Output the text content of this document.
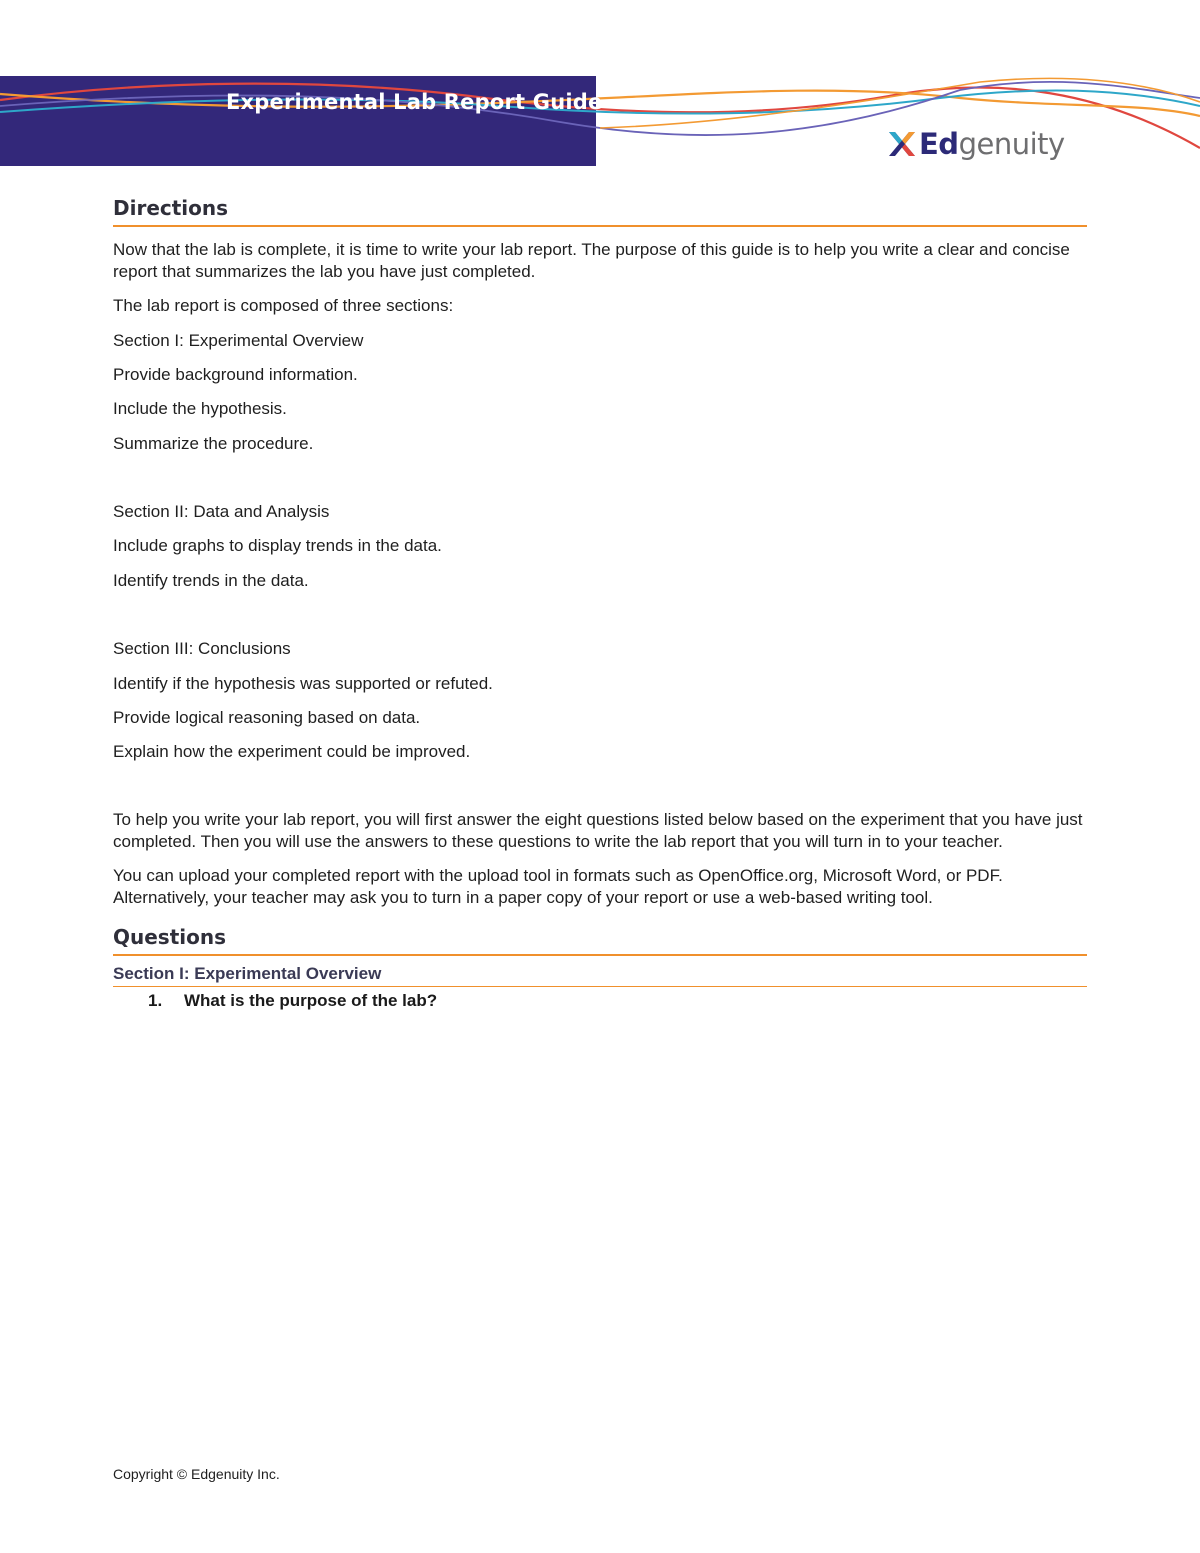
Experimental Lab Report Guide
Edgenuity
Directions

Now that the lab is complete, it is time to write your lab report. The purpose of this guide is to help you write a clear and concise report that summarizes the lab you have just completed.

The lab report is composed of three sections:

Section I: Experimental Overview

Provide background information.

Include the hypothesis.

Summarize the procedure.

Section II: Data and Analysis

Include graphs to display trends in the data.

Identify trends in the data.

Section III: Conclusions

Identify if the hypothesis was supported or refuted.

Provide logical reasoning based on data.

Explain how the experiment could be improved.

To help you write your lab report, you will first answer the eight questions listed below based on the experiment that you have just completed. Then you will use the answers to these questions to write the lab report that you will turn in to your teacher.

You can upload your completed report with the upload tool in formats such as OpenOffice.org, Microsoft Word, or PDF. Alternatively, your teacher may ask you to turn in a paper copy of your report or use a web-based writing tool.

Questions
Section I: Experimental Overview
1.	What is the purpose of the lab?
Copyright © Edgenuity Inc.
